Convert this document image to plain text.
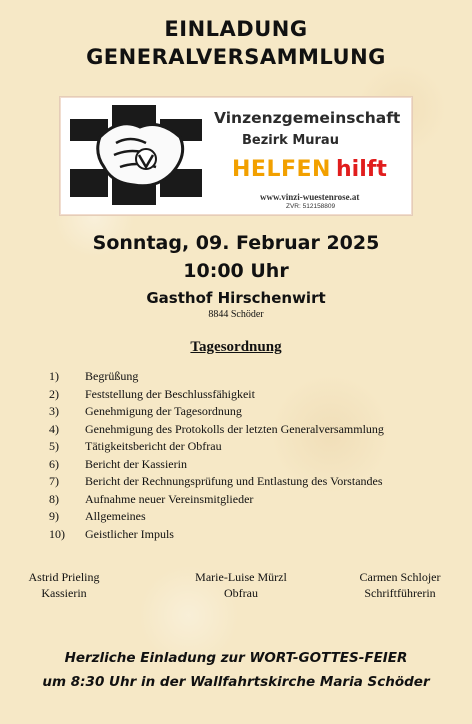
EINLADUNG
GENERALVERSAMMLUNG
Vinzenzgemeinschaft
Bezirk Murau
HELFEN hilft
www.vinzi-wuestenrose.at
ZVR: 512158809
Sonntag, 09. Februar 2025
10:00 Uhr
Gasthof Hirschenwirt
8844 Schöder
Tagesordnung
1) Begrüßung
2) Feststellung der Beschlussfähigkeit
3) Genehmigung der Tagesordnung
4) Genehmigung des Protokolls der letzten Generalversammlung
5) Tätigkeitsbericht der Obfrau
6) Bericht der Kassierin
7) Bericht der Rechnungsprüfung und Entlastung des Vorstandes
8) Aufnahme neuer Vereinsmitglieder
9) Allgemeines
10) Geistlicher Impuls
Astrid Prieling
Kassierin
Marie-Luise Mürzl
Obfrau
Carmen Schlojer
Schriftführerin
Herzliche Einladung zur WORT-GOTTES-FEIER
um 8:30 Uhr in der Wallfahrtskirche Maria Schöder
